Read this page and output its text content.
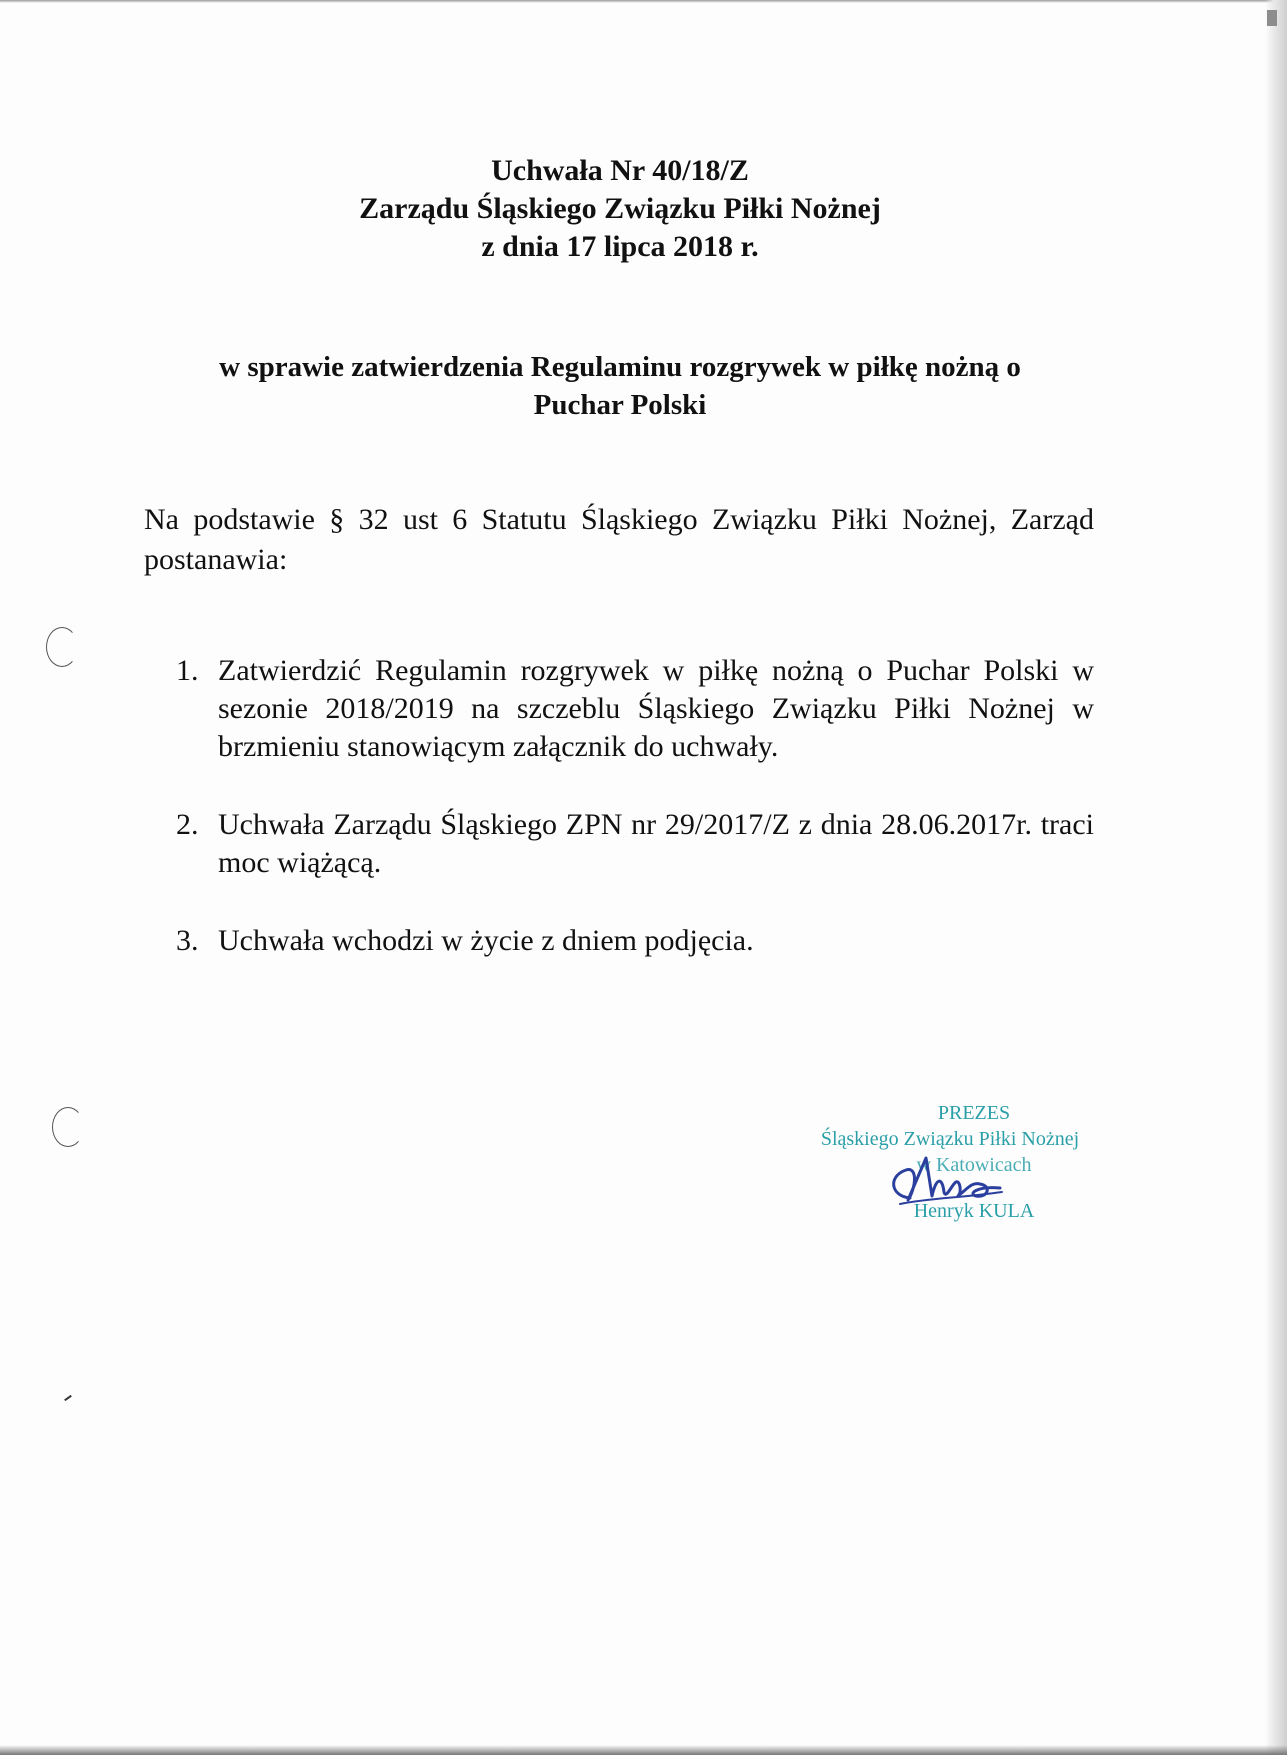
Uchwała Nr 40/18/Z
Zarządu Śląskiego Związku Piłki Nożnej
z dnia 17 lipca 2018 r.
w sprawie zatwierdzenia Regulaminu rozgrywek w piłkę nożną o
Puchar Polski
Na podstawie § 32 ust 6 Statutu Śląskiego Związku Piłki Nożnej, Zarząd postanawia:
1. Zatwierdzić Regulamin rozgrywek w piłkę nożną o Puchar Polski w sezonie 2018/2019 na szczeblu Śląskiego Związku Piłki Nożnej w brzmieniu stanowiącym załącznik do uchwały.
2. Uchwała Zarządu Śląskiego ZPN nr 29/2017/Z z dnia 28.06.2017r. traci moc wiążącą.
3. Uchwała wchodzi w życie z dniem podjęcia.
PREZES
Śląskiego Związku Piłki Nożnej
w Katowicach
Henryk KULA
